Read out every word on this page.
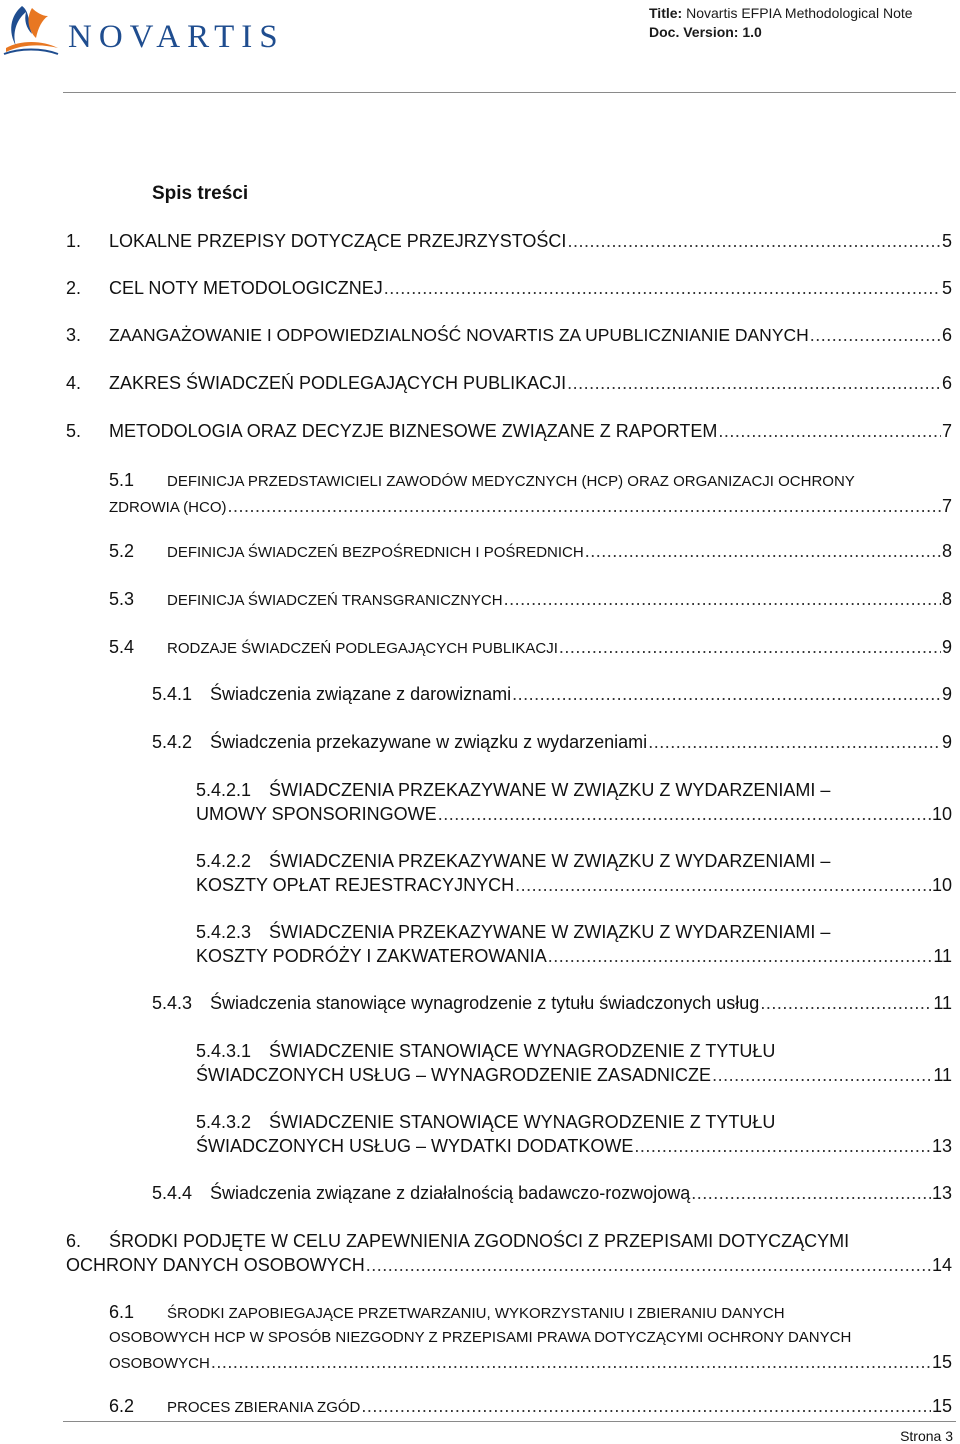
NOVARTIS
Title: Novartis EFPIA Methodological Note
Doc. Version: 1.0
Spis treści
1.	LOKALNE PRZEPISY DOTYCZĄCE PRZEJRZYSTOŚCI .....	5
2.	CEL NOTY METODOLOGICZNEJ .....	5
3.	ZAANGAŻOWANIE I ODPOWIEDZIALNOŚĆ NOVARTIS ZA UPUBLICZNIANIE DANYCH .....	6
4.	ZAKRES ŚWIADCZEŃ PODLEGAJĄCYCH PUBLIKACJI .....	6
5.	METODOLOGIA ORAZ DECYZJE BIZNESOWE ZWIĄZANE Z RAPORTEM .....	7
5.1	DEFINICJA PRZEDSTAWICIELI ZAWODÓW MEDYCZNYCH (HCP) ORAZ ORGANIZACJI OCHRONY
ZDROWIA (HCO) .....	7
5.2	DEFINICJA ŚWIADCZEŃ BEZPOŚREDNICH I POŚREDNICH .....	8
5.3	DEFINICJA ŚWIADCZEŃ TRANSGRANICZNYCH .....	8
5.4	RODZAJE ŚWIADCZEŃ PODLEGAJĄCYCH PUBLIKACJI .....	9
5.4.1 Świadczenia związane z darowiznami .....	9
5.4.2 Świadczenia przekazywane w związku z wydarzeniami .....	9
5.4.2.1 ŚWIADCZENIA PRZEKAZYWANE W ZWIĄZKU Z WYDARZENIAMI –
UMOWY SPONSORINGOWE .....	10
5.4.2.2 ŚWIADCZENIA PRZEKAZYWANE W ZWIĄZKU Z WYDARZENIAMI –
KOSZTY OPŁAT REJESTRACYJNYCH .....	10
5.4.2.3 ŚWIADCZENIA PRZEKAZYWANE W ZWIĄZKU Z WYDARZENIAMI –
KOSZTY PODRÓŻY I ZAKWATEROWANIA .....	11
5.4.3 Świadczenia stanowiące wynagrodzenie z tytułu świadczonych usług .....	11
5.4.3.1 ŚWIADCZENIE STANOWIĄCE WYNAGRODZENIE Z TYTUŁU
ŚWIADCZONYCH USŁUG – WYNAGRODZENIE ZASADNICZE .....	11
5.4.3.2 ŚWIADCZENIE STANOWIĄCE WYNAGRODZENIE Z TYTUŁU
ŚWIADCZONYCH USŁUG – WYDATKI DODATKOWE .....	13
5.4.4 Świadczenia związane z działalnością badawczo-rozwojową .....	13
6.	ŚRODKI PODJĘTE W CELU ZAPEWNIENIA ZGODNOŚCI Z PRZEPISAMI DOTYCZĄCYMI
OCHRONY DANYCH OSOBOWYCH .....	14
6.1	ŚRODKI ZAPOBIEGAJĄCE PRZETWARZANIU, WYKORZYSTANIU I ZBIERANIU DANYCH
OSOBOWYCH HCP W SPOSÓB NIEZGODNY Z PRZEPISAMI PRAWA DOTYCZĄCYMI OCHRONY DANYCH
OSOBOWYCH .....	15
6.2	PROCES ZBIERANIA ZGÓD .....	15
Strona 3
